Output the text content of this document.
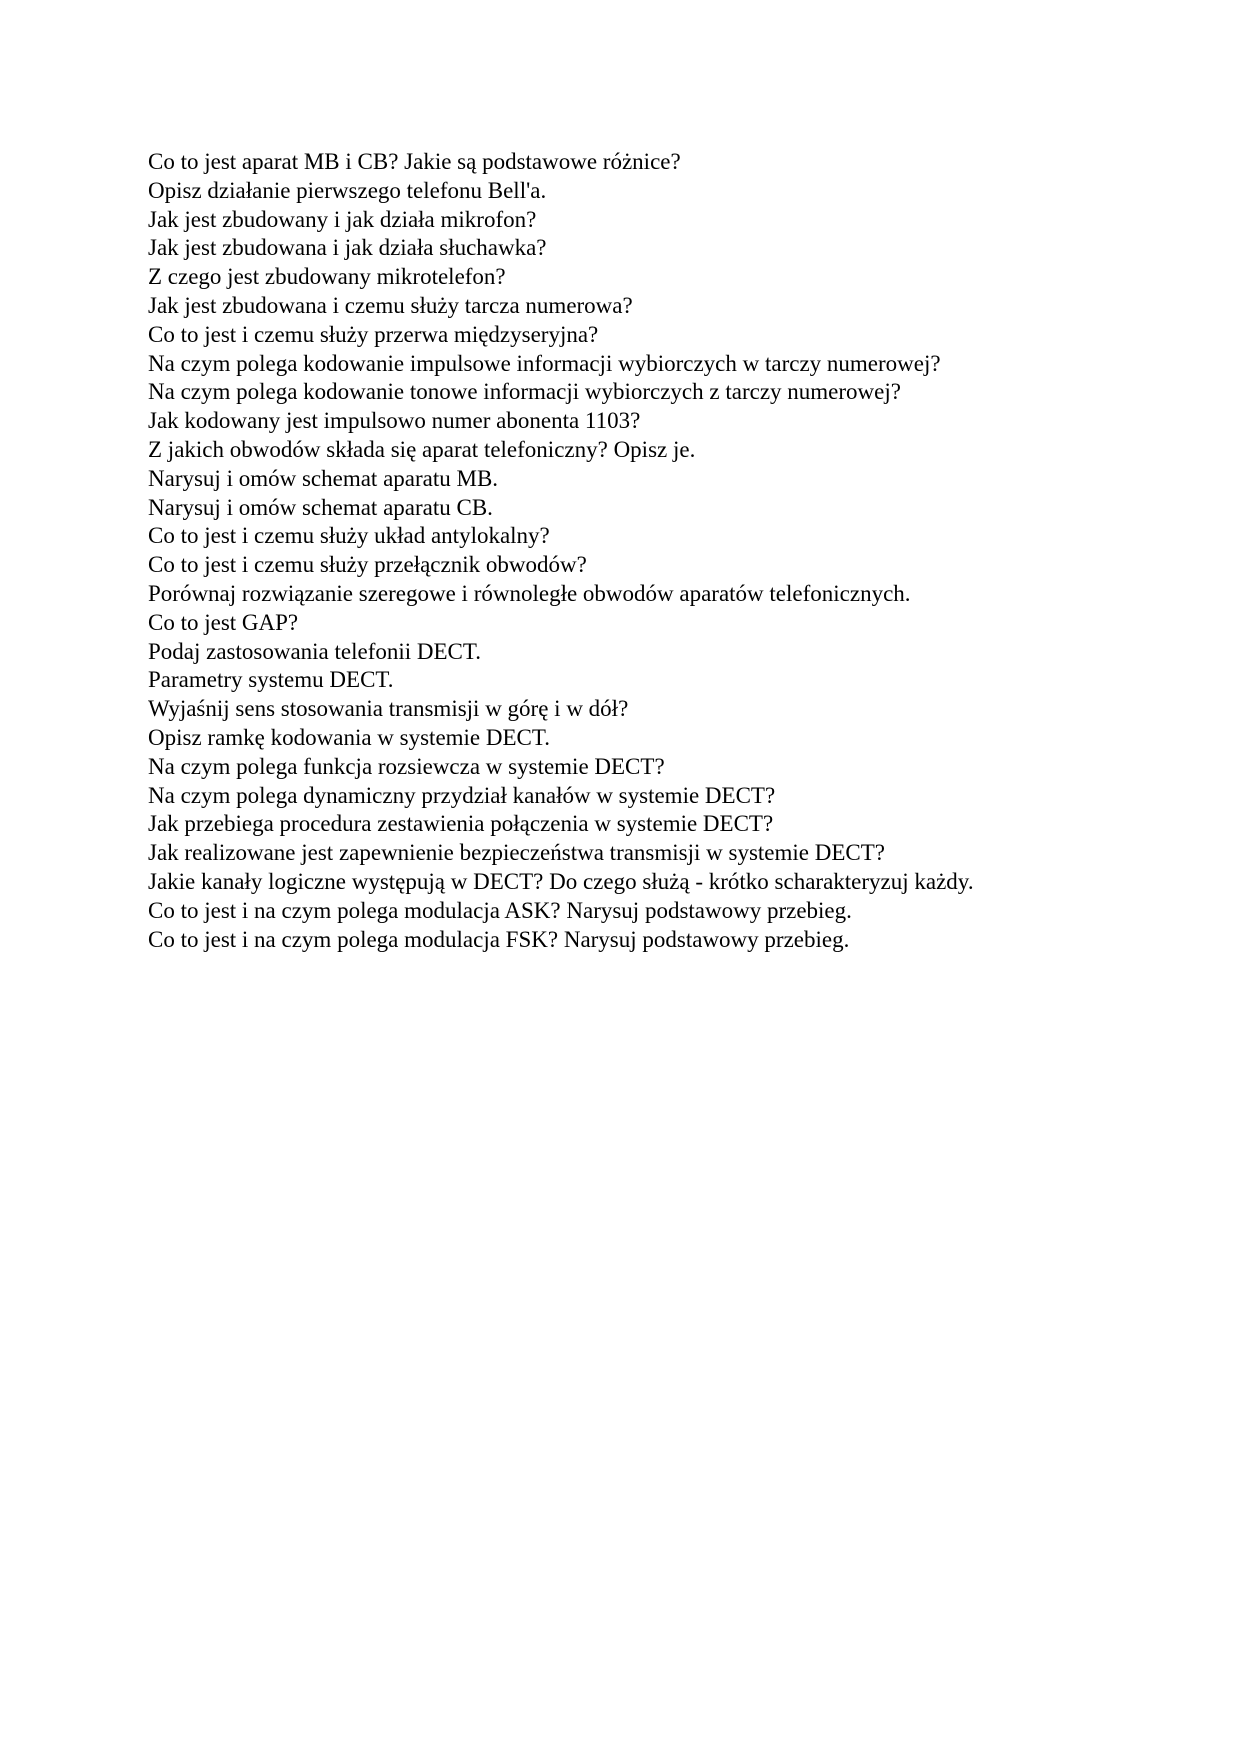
Co to jest aparat MB i CB? Jakie są podstawowe różnice?

Opisz działanie pierwszego telefonu Bell'a.

Jak jest zbudowany i jak działa mikrofon?

Jak jest zbudowana i jak działa słuchawka?

Z czego jest zbudowany mikrotelefon?

Jak jest zbudowana i czemu służy tarcza numerowa?

Co to jest i czemu służy przerwa międzyseryjna?

Na czym polega kodowanie impulsowe informacji wybiorczych w tarczy numerowej?

Na czym polega kodowanie tonowe informacji wybiorczych z tarczy numerowej?

Jak kodowany jest impulsowo numer abonenta 1103?

Z jakich obwodów składa się aparat telefoniczny? Opisz je.

Narysuj i omów schemat aparatu MB.

Narysuj i omów schemat aparatu CB.

Co to jest i czemu służy układ antylokalny?

Co to jest i czemu służy przełącznik obwodów?

Porównaj rozwiązanie szeregowe i równoległe obwodów aparatów telefonicznych.

Co to jest GAP?

Podaj zastosowania telefonii DECT.

Parametry systemu DECT.

Wyjaśnij sens stosowania transmisji w górę i w dół?

Opisz ramkę kodowania w systemie DECT.

Na czym polega funkcja rozsiewcza w systemie DECT?

Na czym polega dynamiczny przydział kanałów w systemie DECT?

Jak przebiega procedura zestawienia połączenia w systemie DECT?

Jak realizowane jest zapewnienie bezpieczeństwa transmisji w systemie DECT?

Jakie kanały logiczne występują w DECT? Do czego służą - krótko scharakteryzuj każdy.

Co to jest i na czym polega modulacja ASK? Narysuj podstawowy przebieg.

Co to jest i na czym polega modulacja FSK? Narysuj podstawowy przebieg.
